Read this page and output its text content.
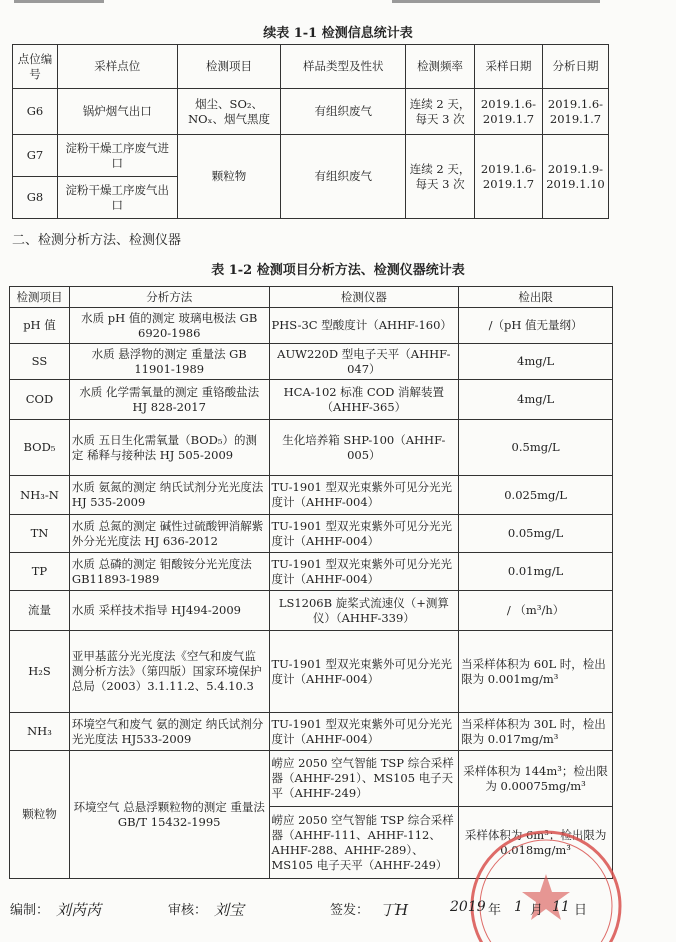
续表 1-1 检测信息统计表
点位编号	采样点位	检测项目	样品类型及性状	检测频率	采样日期	分析日期
G6	锅炉烟气出口	烟尘、SO₂、NOₓ、烟气黑度	有组织废气	连续 2 天，每天 3 次	2019.1.6-2019.1.7	2019.1.6-2019.1.7
G7	淀粉干燥工序废气进口	颗粒物	有组织废气	连续 2 天，每天 3 次	2019.1.6-2019.1.7	2019.1.9-2019.1.10
G8	淀粉干燥工序废气出口					
二、检测分析方法、检测仪器
表 1-2 检测项目分析方法、检测仪器统计表
检测项目	分析方法	检测仪器	检出限
pH 值	水质 pH 值的测定 玻璃电极法 GB 6920-1986	PHS-3C 型酸度计（AHHF-160）	/（pH 值无量纲）
SS	水质 悬浮物的测定 重量法 GB 11901-1989	AUW220D 型电子天平（AHHF-047）	4mg/L
COD	水质 化学需氧量的测定 重铬酸盐法 HJ 828-2017	HCA-102 标准 COD 消解装置（AHHF-365）	4mg/L
BOD₅	水质 五日生化需氧量（BOD₅）的测定 稀释与接种法 HJ 505-2009	生化培养箱 SHP-100（AHHF-005）	0.5mg/L
NH₃-N	水质 氨氮的测定 纳氏试剂分光光度法 HJ 535-2009	TU-1901 型双光束紫外可见分光光度计（AHHF-004）	0.025mg/L
TN	水质 总氮的测定 碱性过硫酸钾消解紫外分光光度法 HJ 636-2012	TU-1901 型双光束紫外可见分光光度计（AHHF-004）	0.05mg/L
TP	水质 总磷的测定 钼酸铵分光光度法 GB11893-1989	TU-1901 型双光束紫外可见分光光度计（AHHF-004）	0.01mg/L
流量	水质 采样技术指导 HJ494-2009	LS1206B 旋桨式流速仪（+测算仪）（AHHF-339）	/ （m³/h）
H₂S	亚甲基蓝分光光度法《空气和废气监测分析方法》（第四版）国家环境保护总局（2003）3.1.11.2、5.4.10.3	TU-1901 型双光束紫外可见分光光度计（AHHF-004）	当采样体积为 60L 时，检出限为 0.001mg/m³
NH₃	环境空气和废气 氨的测定 纳氏试剂分光光度法 HJ533-2009	TU-1901 型双光束紫外可见分光光度计（AHHF-004）	当采样体积为 30L 时，检出限为 0.017mg/m³
颗粒物	环境空气 总悬浮颗粒物的测定 重量法 GB/T 15432-1995	崂应 2050 空气智能 TSP 综合采样器（AHHF-291）、MS105 电子天平（AHHF-249）	采样体积为 144m³；检出限为 0.00075mg/m³
		崂应 2050 空气智能 TSP 综合采样器（AHHF-111、AHHF-112、AHHF-288、AHHF-289）、MS105 电子天平（AHHF-249）	采样体积为 6m³；检出限为 0.018mg/m³
编制： 刘芮芮	审核： 刘宝	签发： 丁H	2019 年 1 月 11 日
